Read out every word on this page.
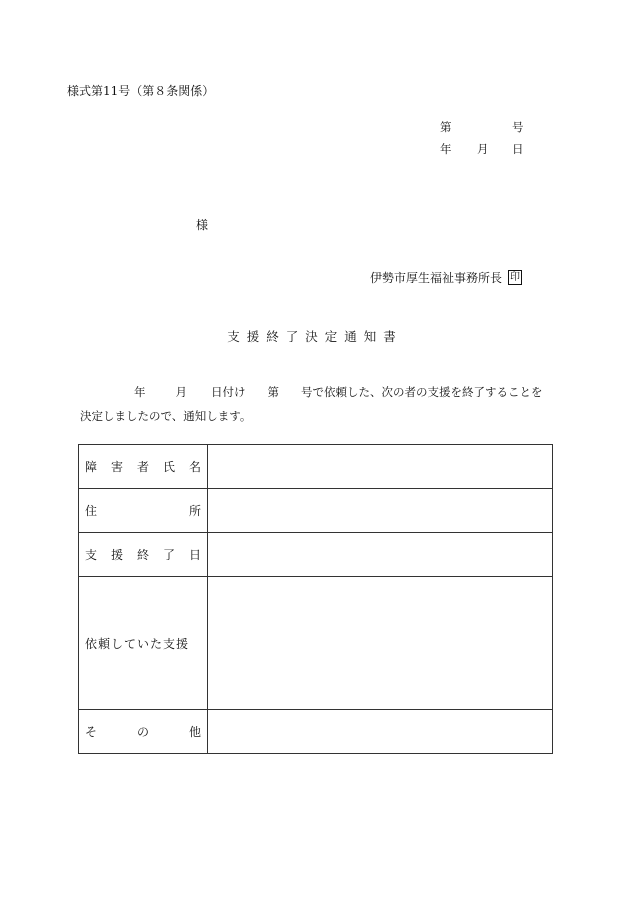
様式第11号（第８条関係）
第	号
年 月 日
様
伊勢市厚生福祉事務所長 印
支援終了決定通知書
年	月 日付け 第 号で依頼した、次の者の支援を終了することを
決定しましたので、通知します。
障 害 者 氏 名	

住 所	

支 援 終 了 日	

依頼していた支援	

そ の 他	
